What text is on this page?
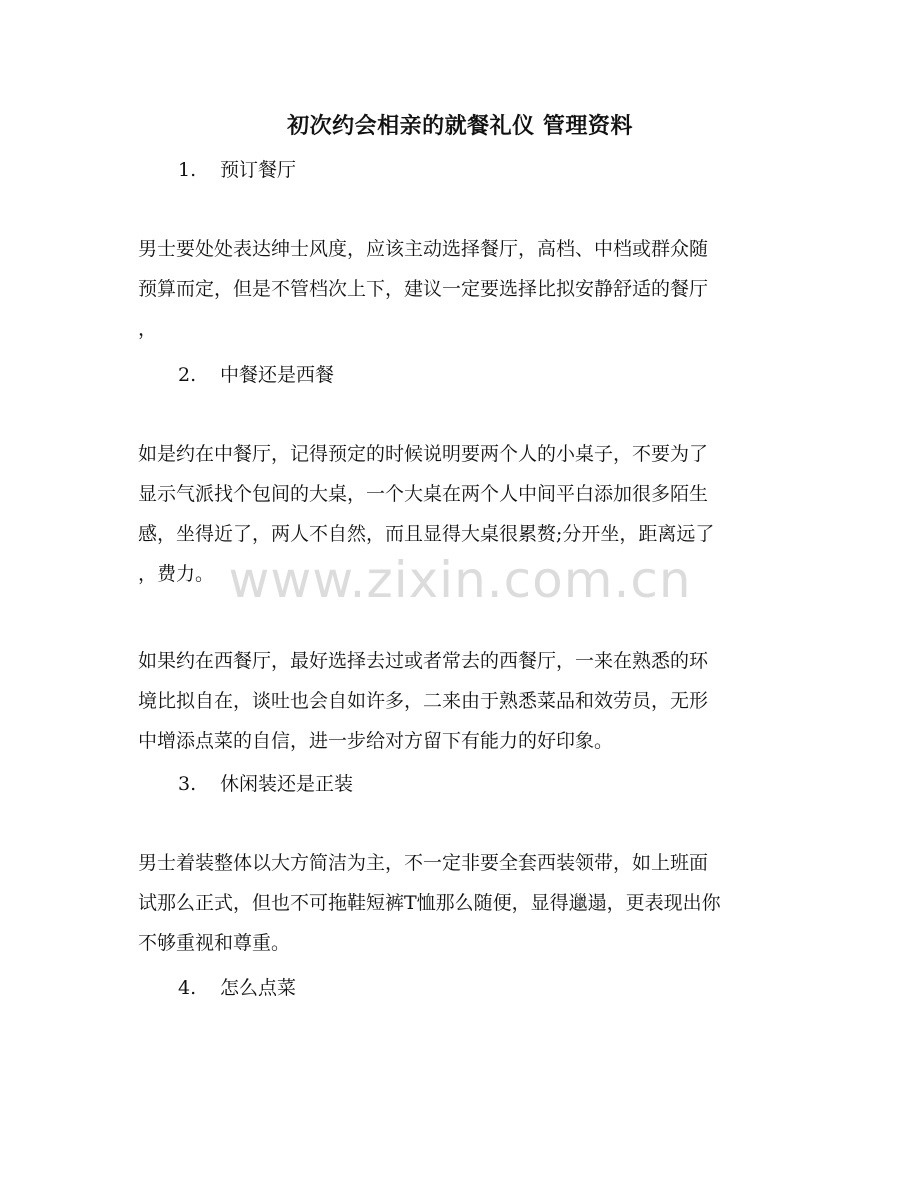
初次约会相亲的就餐礼仪 管理资料
1. 预订餐厅
男士要处处表达绅士风度，应该主动选择餐厅，高档、中档或群众随
预算而定，但是不管档次上下，建议一定要选择比拟安静舒适的餐厅
，
2. 中餐还是西餐
如是约在中餐厅，记得预定的时候说明要两个人的小桌子，不要为了
显示气派找个包间的大桌，一个大桌在两个人中间平白添加很多陌生
感，坐得近了，两人不自然，而且显得大桌很累赘;分开坐，距离远了
，费力。
如果约在西餐厅，最好选择去过或者常去的西餐厅，一来在熟悉的环
境比拟自在，谈吐也会自如许多，二来由于熟悉菜品和效劳员，无形
中增添点菜的自信，进一步给对方留下有能力的好印象。
3. 休闲装还是正装
男士着装整体以大方简洁为主，不一定非要全套西装领带，如上班面
试那么正式，但也不可拖鞋短裤T恤那么随便，显得邋遢，更表现出你
不够重视和尊重。
4. 怎么点菜
www.zixin.com.cn
